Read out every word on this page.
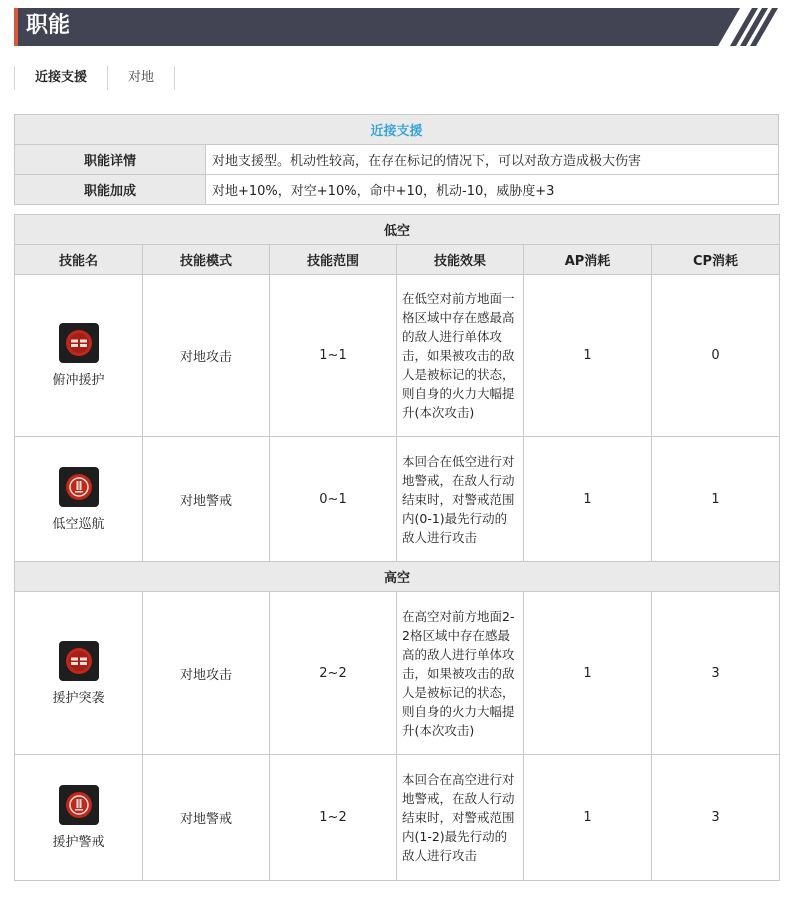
职能
近接支援	对地
近接支援	
职能详情	对地支援型。机动性较高，在存在标记的情况下，可以对敌方造成极大伤害
职能加成	对地+10%，对空+10%，命中+10，机动-10，威胁度+3
低空					
技能名	技能模式	技能范围	技能效果	AP消耗	CP消耗

俯冲援护	对地攻击	1~1	在低空对前方地面一格区域中存在感最高的敌人进行单体攻击，如果被攻击的敌人是被标记的状态，则自身的火力大幅提升(本次攻击)	1	0

低空巡航	对地警戒	0~1	本回合在低空进行对地警戒，在敌人行动结束时，对警戒范围内(0-1)最先行动的敌人进行攻击	1	1
高空					

援护突袭	对地攻击	2~2	在高空对前方地面2-2格区域中存在感最高的敌人进行单体攻击，如果被攻击的敌人是被标记的状态，则自身的火力大幅提升(本次攻击)	1	3

援护警戒	对地警戒	1~2	本回合在高空进行对地警戒，在敌人行动结束时，对警戒范围内(1-2)最先行动的敌人进行攻击	1	3
